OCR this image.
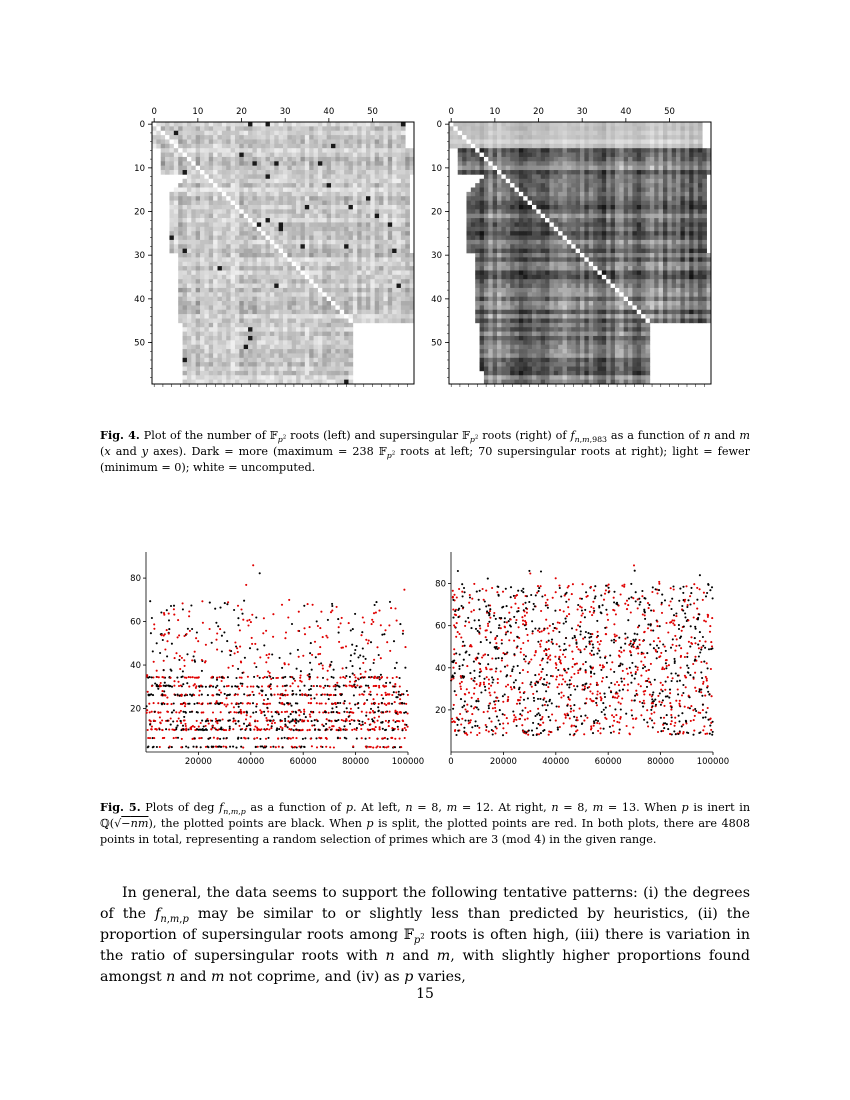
0	10	20	30	40	50
0
10
20
30
40
50
0	10	20	30	40	50
0
10
20
30
40
50
Fig. 4. Plot of the number of 𝔽$_{p^2}$ roots (left) and supersingular 𝔽$_{p^2}$ roots (right) of $f_{n,m,983}$ as a function of n and m (x and y axes). Dark = more (maximum = 238 𝔽$_{p^2}$ roots at left; 70 supersingular roots at right); light = fewer (minimum = 0); white = uncomputed.
20000	40000	60000	80000	100000
20
40
60
80
0	20000	40000	60000	80000	100000
20
40
60
80
Fig. 5. Plots of deg $f_{n,m,p}$ as a function of p. At left, n = 8, m = 12. At right, n = 8, m = 13. When p is inert in ℚ(√−nm), the plotted points are black. When p is split, the plotted points are red. In both plots, there are 4808 points in total, representing a random selection of primes which are 3 (mod 4) in the given range.

In general, the data seems to support the following tentative patterns: (i) the degrees of the $f_{n,m,p}$ may be similar to or slightly less than predicted by heuristics, (ii) the proportion of supersingular roots among 𝔽$_{p^2}$ roots is often high, (iii) there is variation in the ratio of supersingular roots with n and m, with slightly higher proportions found amongst n and m not coprime, and (iv) as p varies,

15
